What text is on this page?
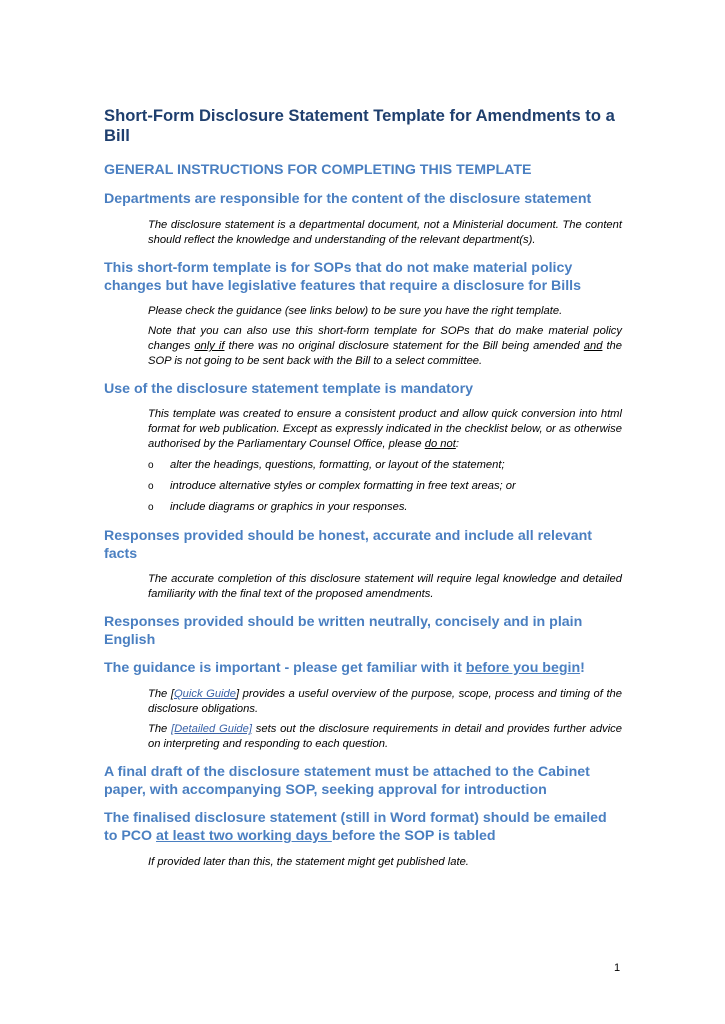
Short-Form Disclosure Statement Template for Amendments to a Bill
GENERAL INSTRUCTIONS FOR COMPLETING THIS TEMPLATE
Departments are responsible for the content of the disclosure statement

The disclosure statement is a departmental document, not a Ministerial document. The content should reflect the knowledge and understanding of the relevant department(s).

This short-form template is for SOPs that do not make material policy changes but have legislative features that require a disclosure for Bills

Please check the guidance (see links below) to be sure you have the right template.

Note that you can also use this short-form template for SOPs that do make material policy changes only if there was no original disclosure statement for the Bill being amended and the SOP is not going to be sent back with the Bill to a select committee.

Use of the disclosure statement template is mandatory

This template was created to ensure a consistent product and allow quick conversion into html format for web publication. Except as expressly indicated in the checklist below, or as otherwise authorised by the Parliamentary Counsel Office, please do not:

o alter the headings, questions, formatting, or layout of the statement;

o introduce alternative styles or complex formatting in free text areas; or

o include diagrams or graphics in your responses.

Responses provided should be honest, accurate and include all relevant facts

The accurate completion of this disclosure statement will require legal knowledge and detailed familiarity with the final text of the proposed amendments.

Responses provided should be written neutrally, concisely and in plain English
The guidance is important - please get familiar with it before you begin!

The [Quick Guide] provides a useful overview of the purpose, scope, process and timing of the disclosure obligations.

The [Detailed Guide] sets out the disclosure requirements in detail and provides further advice on interpreting and responding to each question.

A final draft of the disclosure statement must be attached to the Cabinet paper, with accompanying SOP, seeking approval for introduction
The finalised disclosure statement (still in Word format) should be emailed to PCO at least two working days before the SOP is tabled

If provided later than this, the statement might get published late.

1
